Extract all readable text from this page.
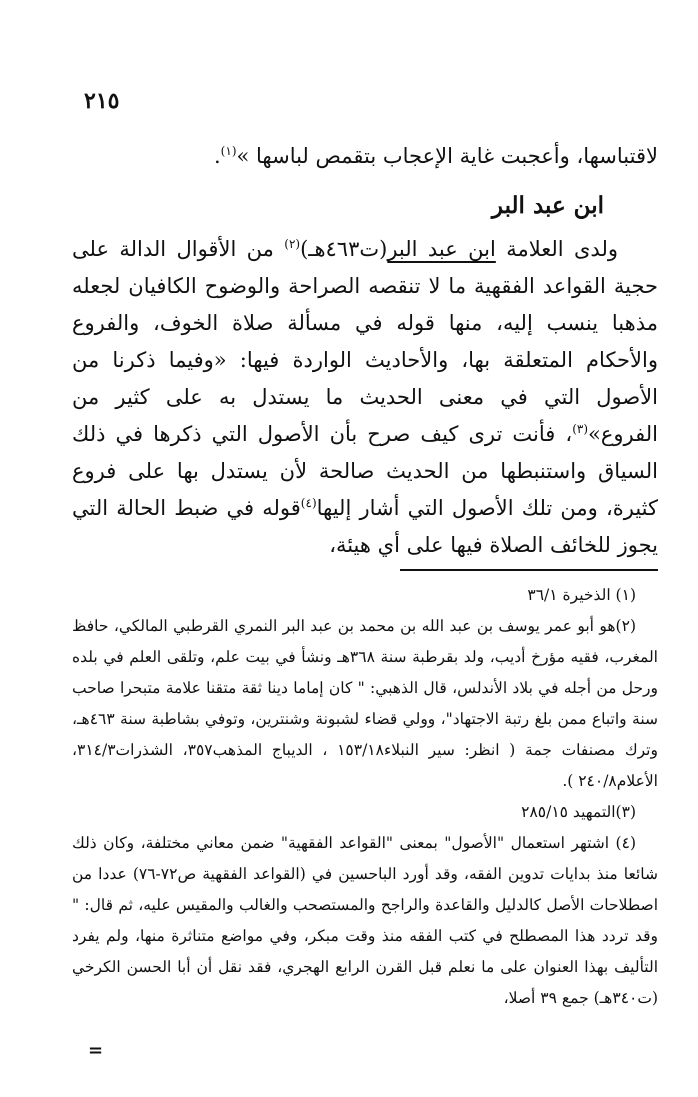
٢١٥

لاقتباسها، وأعجبت غاية الإعجاب بتقمص لباسها »$^{(١)}$.

ابن عبد البر

ولدى العلامة ابن عبد البر(ت٤٦٣هـ)$^{(٢)}$ من الأقوال الدالة على حجية القواعد الفقهية ما لا تنقصه الصراحة والوضوح الكافيان لجعله مذهبا ينسب إليه، منها قوله في مسألة صلاة الخوف، والفروع والأحكام المتعلقة بها، والأحاديث الواردة فيها: «وفيما ذكرنا من الأصول التي في معنى الحديث ما يستدل به على كثير من الفروع»$^{(٣)}$، فأنت ترى كيف صرح بأن الأصول التي ذكرها في ذلك السياق واستنبطها من الحديث صالحة لأن يستدل بها على فروع كثيرة، ومن تلك الأصول التي أشار إليها$^{(٤)}$قوله في ضبط الحالة التي يجوز للخائف الصلاة فيها على أي هيئة،

(١) الذخيرة ٣٦/١

(٢)هو أبو عمر يوسف بن عبد الله بن محمد بن عبد البر النمري القرطبي المالكي، حافظ المغرب، فقيه مؤرخ أديب، ولد بقرطبة سنة ٣٦٨هـ ونشأ في بيت علم، وتلقى العلم في بلده ورحل من أجله في بلاد الأندلس، قال الذهبي: " كان إماما دينا ثقة متقنا علامة متبحرا صاحب سنة واتباع ممن بلغ رتبة الاجتهاد"، وولي قضاء لشبونة وشنترين، وتوفي بشاطبة سنة ٤٦٣هـ، وترك مصنفات جمة ( انظر: سير النبلاء١٥٣/١٨ ، الديباج المذهب٣٥٧، الشذرات٣١٤/٣، الأعلام٢٤٠/٨ ).

(٣)التمهيد ٢٨٥/١٥

(٤) اشتهر استعمال "الأصول" بمعنى "القواعد الفقهية" ضمن معاني مختلفة، وكان ذلك شائعا منذ بدايات تدوين الفقه، وقد أورد الباحسين في (القواعد الفقهية ص٧٢-٧٦) عددا من اصطلاحات الأصل كالدليل والقاعدة والراجح والمستصحب والغالب والمقيس عليه، ثم قال: " وقد تردد هذا المصطلح في كتب الفقه منذ وقت مبكر، وفي مواضع متناثرة منها، ولم يفرد التأليف بهذا العنوان على ما نعلم قبل القرن الرابع الهجري، فقد نقل أن أبا الحسن الكرخي (ت٣٤٠هـ) جمع ٣٩ أصلا،

=
